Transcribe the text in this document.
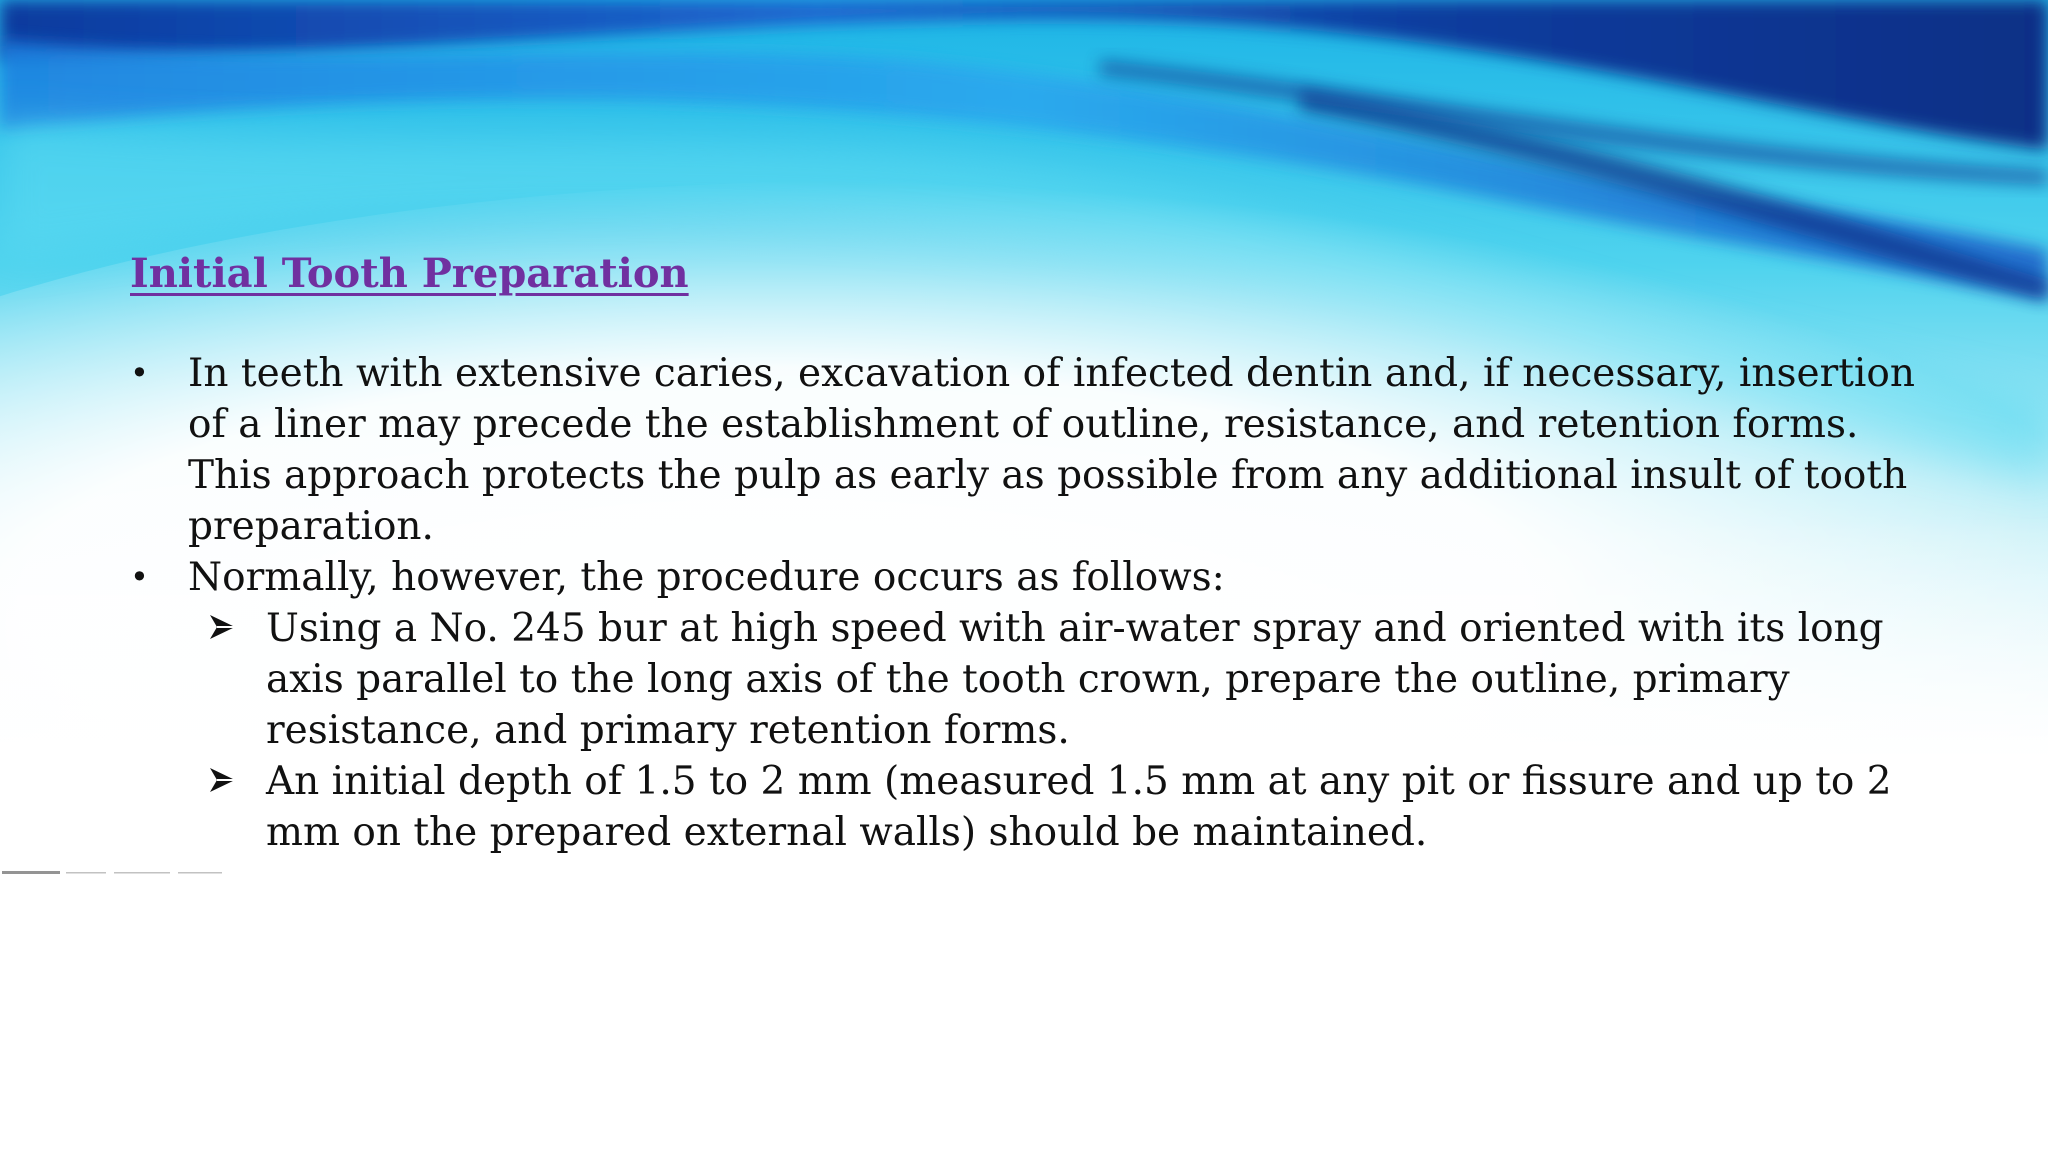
Initial Tooth Preparation
• In teeth with extensive caries, excavation of infected dentin and, if necessary, insertion of a liner may precede the establishment of outline, resistance, and retention forms. This approach protects the pulp as early as possible from any additional insult of tooth preparation.
• Normally, however, the procedure occurs as follows:
Using a No. 245 bur at high speed with air-water spray and oriented with its long axis parallel to the long axis of the tooth crown, prepare the outline, primary resistance, and primary retention forms.
An initial depth of 1.5 to 2 mm (measured 1.5 mm at any pit or fissure and up to 2 mm on the prepared external walls) should be maintained.
